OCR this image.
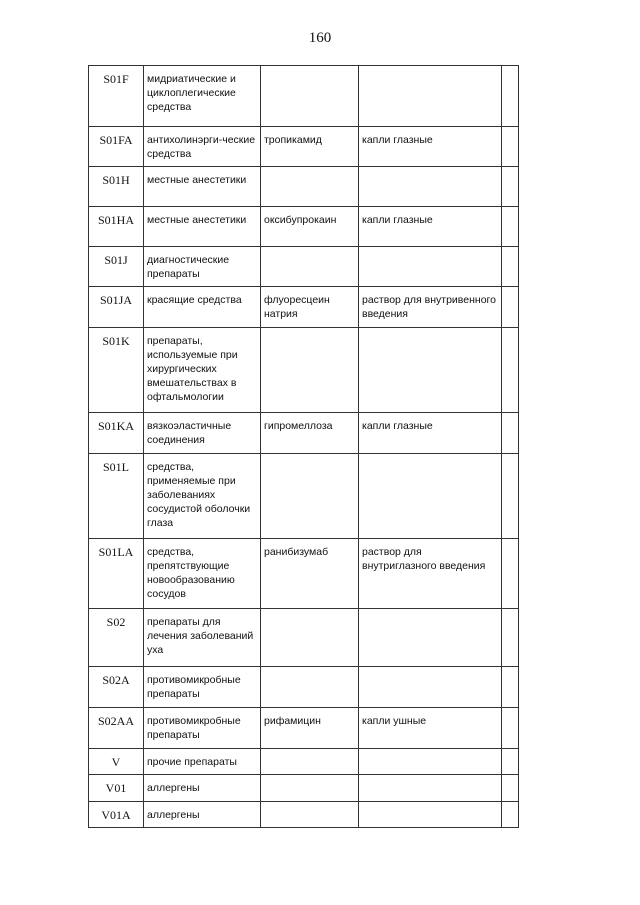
160
S01F	мидриатические и циклоплегические средства			
S01FA	антихолинэрги-ческие средства	тропикамид	капли глазные	
S01H	местные анестетики			
S01HA	местные анестетики	оксибупрокаин	капли глазные	
S01J	диагностические препараты			
S01JA	красящие средства	флуоресцеин натрия	раствор для внутривенного введения	
S01K	препараты, используемые при хирургических вмешательствах в офтальмологии			
S01KA	вязкоэластичные соединения	гипромеллоза	капли глазные	
S01L	средства, применяемые при заболеваниях сосудистой оболочки глаза			
S01LA	средства, препятствующие новообразованию сосудов	ранибизумаб	раствор для внутриглазного введения	
S02	препараты для лечения заболеваний уха			
S02A	противомикробные препараты			
S02AA	противомикробные препараты	рифамицин	капли ушные	
V	прочие препараты			
V01	аллергены			
V01A	аллергены			
